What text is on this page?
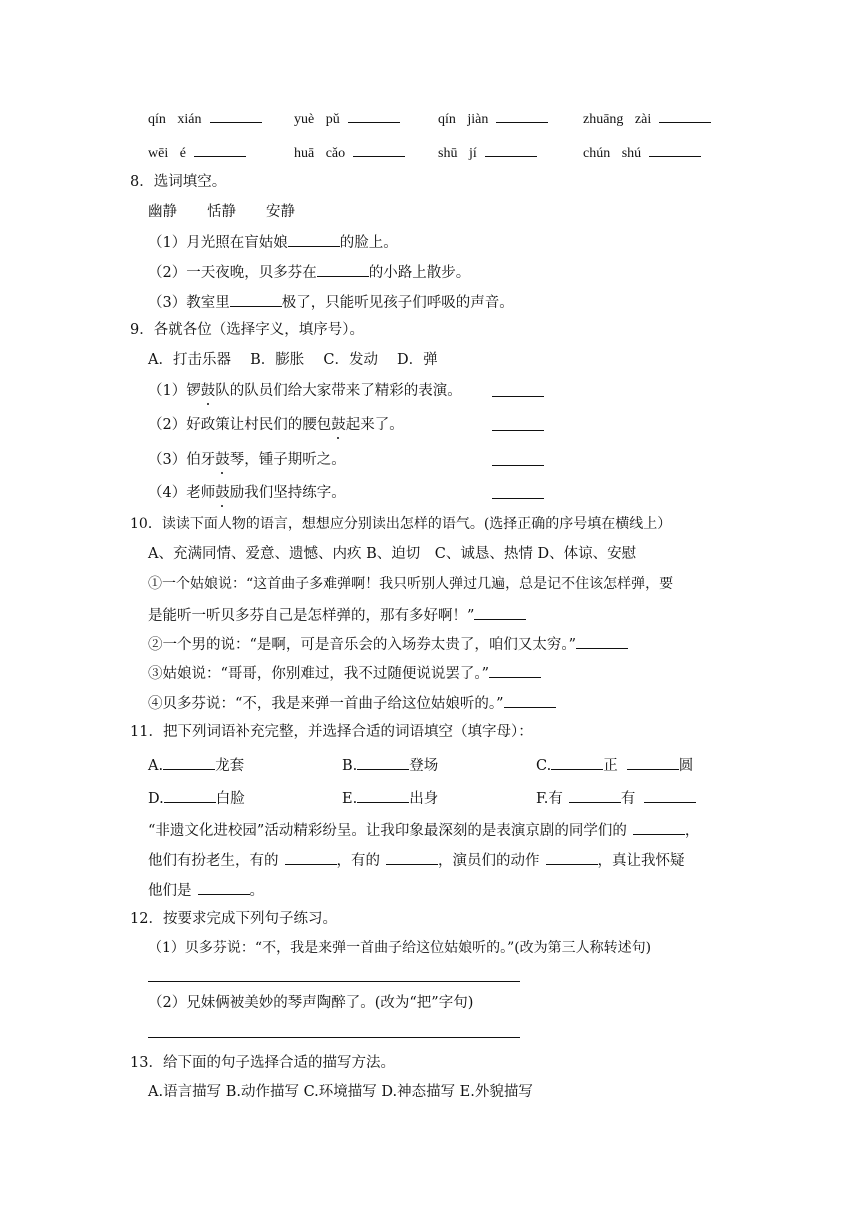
qín xián	yuè pǔ	qín jiàn	zhuāng zài
wēi é	huā cǎo	shū jí	chún shú
8．选词填空。
幽静 恬静 安静
（1）月光照在盲姑娘	的脸上。
（2）一天夜晚，贝多芬在	的小路上散步。
（3）教室里	极了，只能听见孩子们呼吸的声音。
9．各就各位（选择字义，填序号）。
A．打击乐器　 B．膨胀　 C．发动　 D．弹
（1）锣鼓队的队员们给大家带来了精彩的表演。
（2）好政策让村民们的腰包鼓起来了。
（3）伯牙鼓琴，锺子期听之。
（4）老师鼓励我们坚持练字。
10．读读下面人物的语言，想想应分别读出怎样的语气。(选择正确的序号填在横线上）
A、充满同情、爱意、遗憾、内疚 B、迫切　C、诚恳、热情 D、体谅、安慰
①一个姑娘说：“这首曲子多难弹啊！我只听别人弹过几遍，总是记不住该怎样弹，要
是能听一听贝多芬自己是怎样弹的，那有多好啊！”
②一个男的说：“是啊，可是音乐会的入场券太贵了，咱们又太穷。”
③姑娘说：“哥哥，你别难过，我不过随便说说罢了。”
④贝多芬说：“不，我是来弹一首曲子给这位姑娘听的。”
11．把下列词语补充完整，并选择合适的词语填空（填字母）：
A.	龙套	B.	登场	C.	正	圆
D.	白脸	E.	出身	F.有	有
“非遗文化进校园”活动精彩纷呈。让我印象最深刻的是表演京剧的同学们的	，
他们有扮老生，有的	，有的	，演员们的动作	，真让我怀疑
他们是	。
12．按要求完成下列句子练习。
（1）贝多芬说：“不，我是来弹一首曲子给这位姑娘听的。”(改为第三人称转述句)
（2）兄妹俩被美妙的琴声陶醉了。(改为“把”字句)
13．给下面的句子选择合适的描写方法。
A.语言描写 B.动作描写 C.环境描写 D.神态描写 E.外貌描写
